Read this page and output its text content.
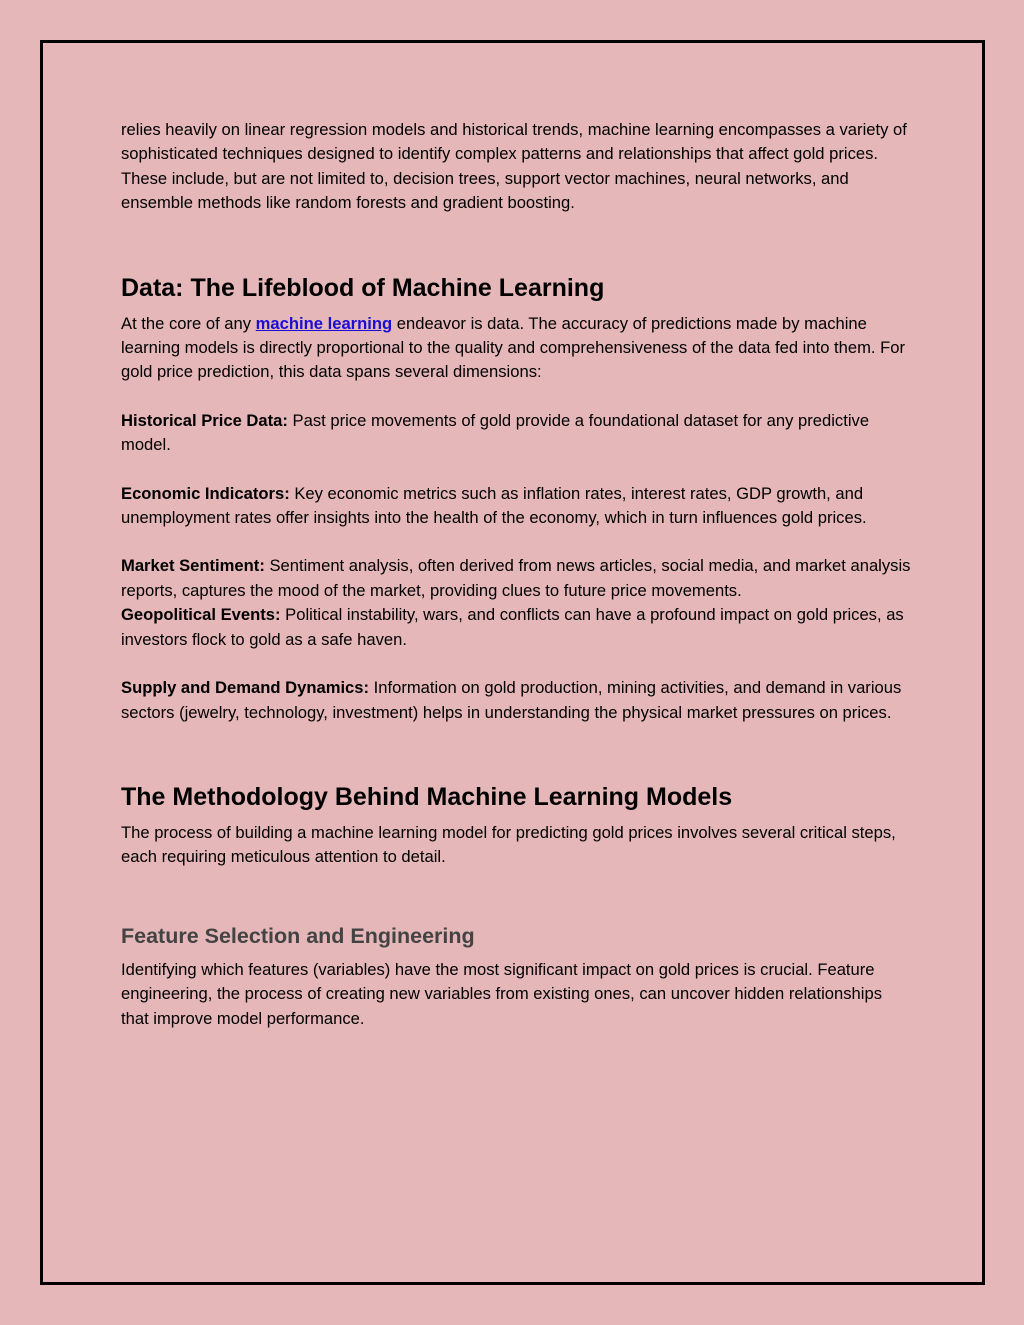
relies heavily on linear regression models and historical trends, machine learning encompasses a variety of sophisticated techniques designed to identify complex patterns and relationships that affect gold prices. These include, but are not limited to, decision trees, support vector machines, neural networks, and ensemble methods like random forests and gradient boosting.

Data: The Lifeblood of Machine Learning

At the core of any machine learning endeavor is data. The accuracy of predictions made by machine learning models is directly proportional to the quality and comprehensiveness of the data fed into them. For gold price prediction, this data spans several dimensions:

Historical Price Data: Past price movements of gold provide a foundational dataset for any predictive model.

Economic Indicators: Key economic metrics such as inflation rates, interest rates, GDP growth, and unemployment rates offer insights into the health of the economy, which in turn influences gold prices.

Market Sentiment: Sentiment analysis, often derived from news articles, social media, and market analysis reports, captures the mood of the market, providing clues to future price movements.

Geopolitical Events: Political instability, wars, and conflicts can have a profound impact on gold prices, as investors flock to gold as a safe haven.

Supply and Demand Dynamics: Information on gold production, mining activities, and demand in various sectors (jewelry, technology, investment) helps in understanding the physical market pressures on prices.

The Methodology Behind Machine Learning Models

The process of building a machine learning model for predicting gold prices involves several critical steps, each requiring meticulous attention to detail.

Feature Selection and Engineering

Identifying which features (variables) have the most significant impact on gold prices is crucial. Feature engineering, the process of creating new variables from existing ones, can uncover hidden relationships that improve model performance.
